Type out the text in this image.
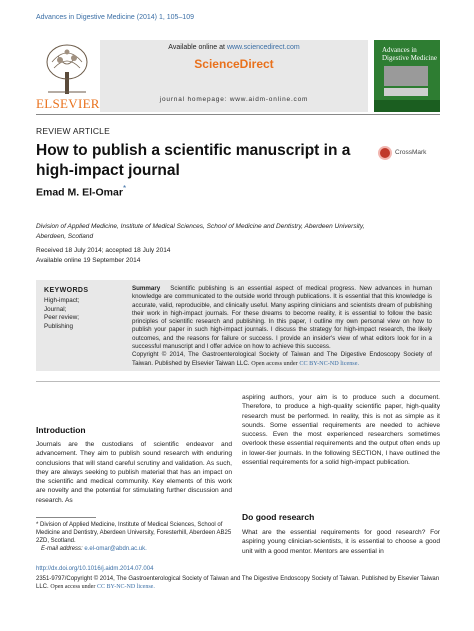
Advances in Digestive Medicine (2014) 1, 105–109
ELSEVIER
Available online at www.sciencedirect.com
ScienceDirect
journal homepage: www.aidm-online.com
Advances in Digestive Medicine
REVIEW ARTICLE
How to publish a scientific manuscript in a high-impact journal
CrossMark
Emad M. El-Omar*
Division of Applied Medicine, Institute of Medical Sciences, School of Medicine and Dentistry, Aberdeen University, Aberdeen, Scotland
Received 18 July 2014; accepted 18 July 2014
Available online 19 September 2014
KEYWORDS
High-impact;
Journal;
Peer review;
Publishing
Summary Scientific publishing is an essential aspect of medical progress. New advances in human knowledge are communicated to the outside world through publications. It is essential that this knowledge is accurate, valid, reproducible, and clinically useful. Many aspiring clinicians and scientists dream of publishing their work in high-impact journals. For these dreams to become reality, it is essential to follow the basic principles of scientific research and publishing. In this paper, I outline my own personal view on how to publish your paper in such high-impact journals. I discuss the strategy for high-impact research, the likely outcomes, and the reasons for failure or success. I provide an insider's view of what editors look for in a successful manuscript and I offer advice on how to achieve this success.
Copyright © 2014, The Gastroenterological Society of Taiwan and The Digestive Endoscopy Society of Taiwan. Published by Elsevier Taiwan LLC. Open access under CC BY-NC-ND license.
Introduction
Journals are the custodians of scientific endeavor and advancement. They aim to publish sound research with enduring conclusions that will stand careful scrutiny and validation. As such, they are always seeking to publish material that has an impact on the scientific and medical community. Key elements of this work are novelty and the potential for stimulating further discussion and research. As
aspiring authors, your aim is to produce such a document. Therefore, to produce a high-quality scientific paper, high-quality research must be performed. In reality, this is not as simple as it sounds. Some essential requirements are needed to achieve success. Even the most experienced researchers sometimes overlook these essential requirements and the output often ends up in lower-tier journals. In the following SECTION, I have outlined the essential requirements for a solid high-impact publication.
Do good research
What are the essential requirements for good research? For aspiring young clinician-scientists, it is essential to choose a good unit with a good mentor. Mentors are essential in
* Division of Applied Medicine, Institute of Medical Sciences, School of Medicine and Dentistry, Aberdeen University, Foresterhill, Aberdeen AB25 2ZD, Scotland.
E-mail address: e.el-omar@abdn.ac.uk.
http://dx.doi.org/10.1016/j.aidm.2014.07.004
2351-9797/Copyright © 2014, The Gastroenterological Society of Taiwan and The Digestive Endoscopy Society of Taiwan. Published by Elsevier Taiwan LLC. Open access under CC BY-NC-ND license.
